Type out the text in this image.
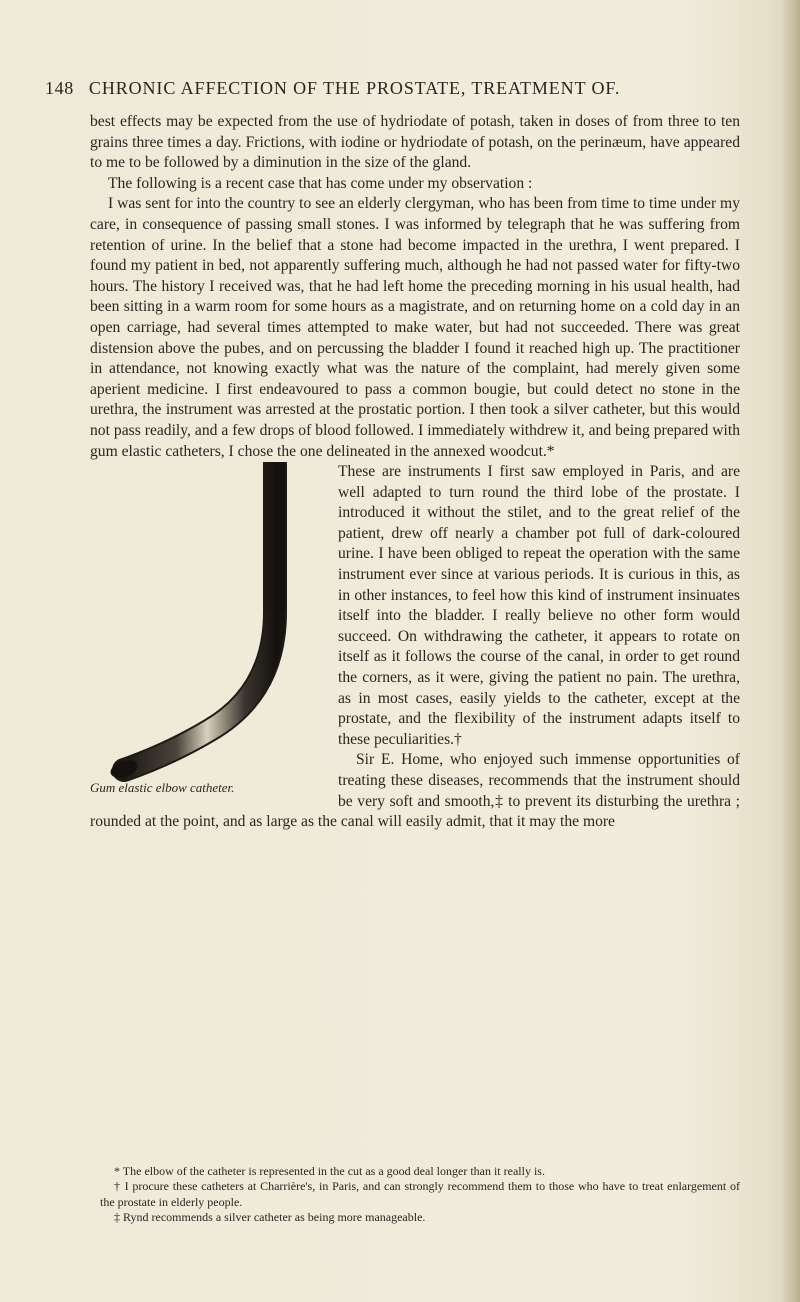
148 CHRONIC AFFECTION OF THE PROSTATE, TREATMENT OF.

best effects may be expected from the use of hydriodate of potash, taken in doses of from three to ten grains three times a day. Frictions, with iodine or hydriodate of potash, on the perinæum, have appeared to me to be followed by a diminution in the size of the gland.

The following is a recent case that has come under my observation :

I was sent for into the country to see an elderly clergyman, who has been from time to time under my care, in consequence of passing small stones. I was informed by telegraph that he was suffering from retention of urine. In the belief that a stone had become impacted in the urethra, I went prepared. I found my patient in bed, not apparently suffering much, although he had not passed water for fifty-two hours. The history I received was, that he had left home the preceding morning in his usual health, had been sitting in a warm room for some hours as a magistrate, and on returning home on a cold day in an open carriage, had several times attempted to make water, but had not succeeded. There was great distension above the pubes, and on percussing the bladder I found it reached high up. The practitioner in attendance, not knowing exactly what was the nature of the complaint, had merely given some aperient medicine. I first endeavoured to pass a common bougie, but could detect no stone in the urethra, the instrument was arrested at the prostatic portion. I then took a silver catheter, but this would not pass readily, and a few drops of blood followed. I immediately withdrew it, and being prepared with gum elastic catheters, I chose the one delineated in the annexed woodcut.*

Gum elastic elbow catheter.

These are instruments I first saw employed in Paris, and are well adapted to turn round the third lobe of the prostate. I introduced it without the stilet, and to the great relief of the patient, drew off nearly a chamber pot full of dark-coloured urine. I have been obliged to repeat the operation with the same instrument ever since at various periods. It is curious in this, as in other instances, to feel how this kind of instrument insinuates itself into the bladder. I really believe no other form would succeed. On withdrawing the catheter, it appears to rotate on itself as it follows the course of the canal, in order to get round the corners, as it were, giving the patient no pain. The urethra, as in most cases, easily yields to the catheter, except at the prostate, and the flexibility of the instrument adapts itself to these peculiarities.†

Sir E. Home, who enjoyed such immense opportunities of treating these diseases, recommends that the instrument should be very soft and smooth,‡ to prevent its disturbing the urethra ; rounded at the point, and as large as the canal will easily admit, that it may the more

* The elbow of the catheter is represented in the cut as a good deal longer than it really is.

† I procure these catheters at Charrière's, in Paris, and can strongly recommend them to those who have to treat enlargement of the prostate in elderly people.

‡ Rynd recommends a silver catheter as being more manageable.
